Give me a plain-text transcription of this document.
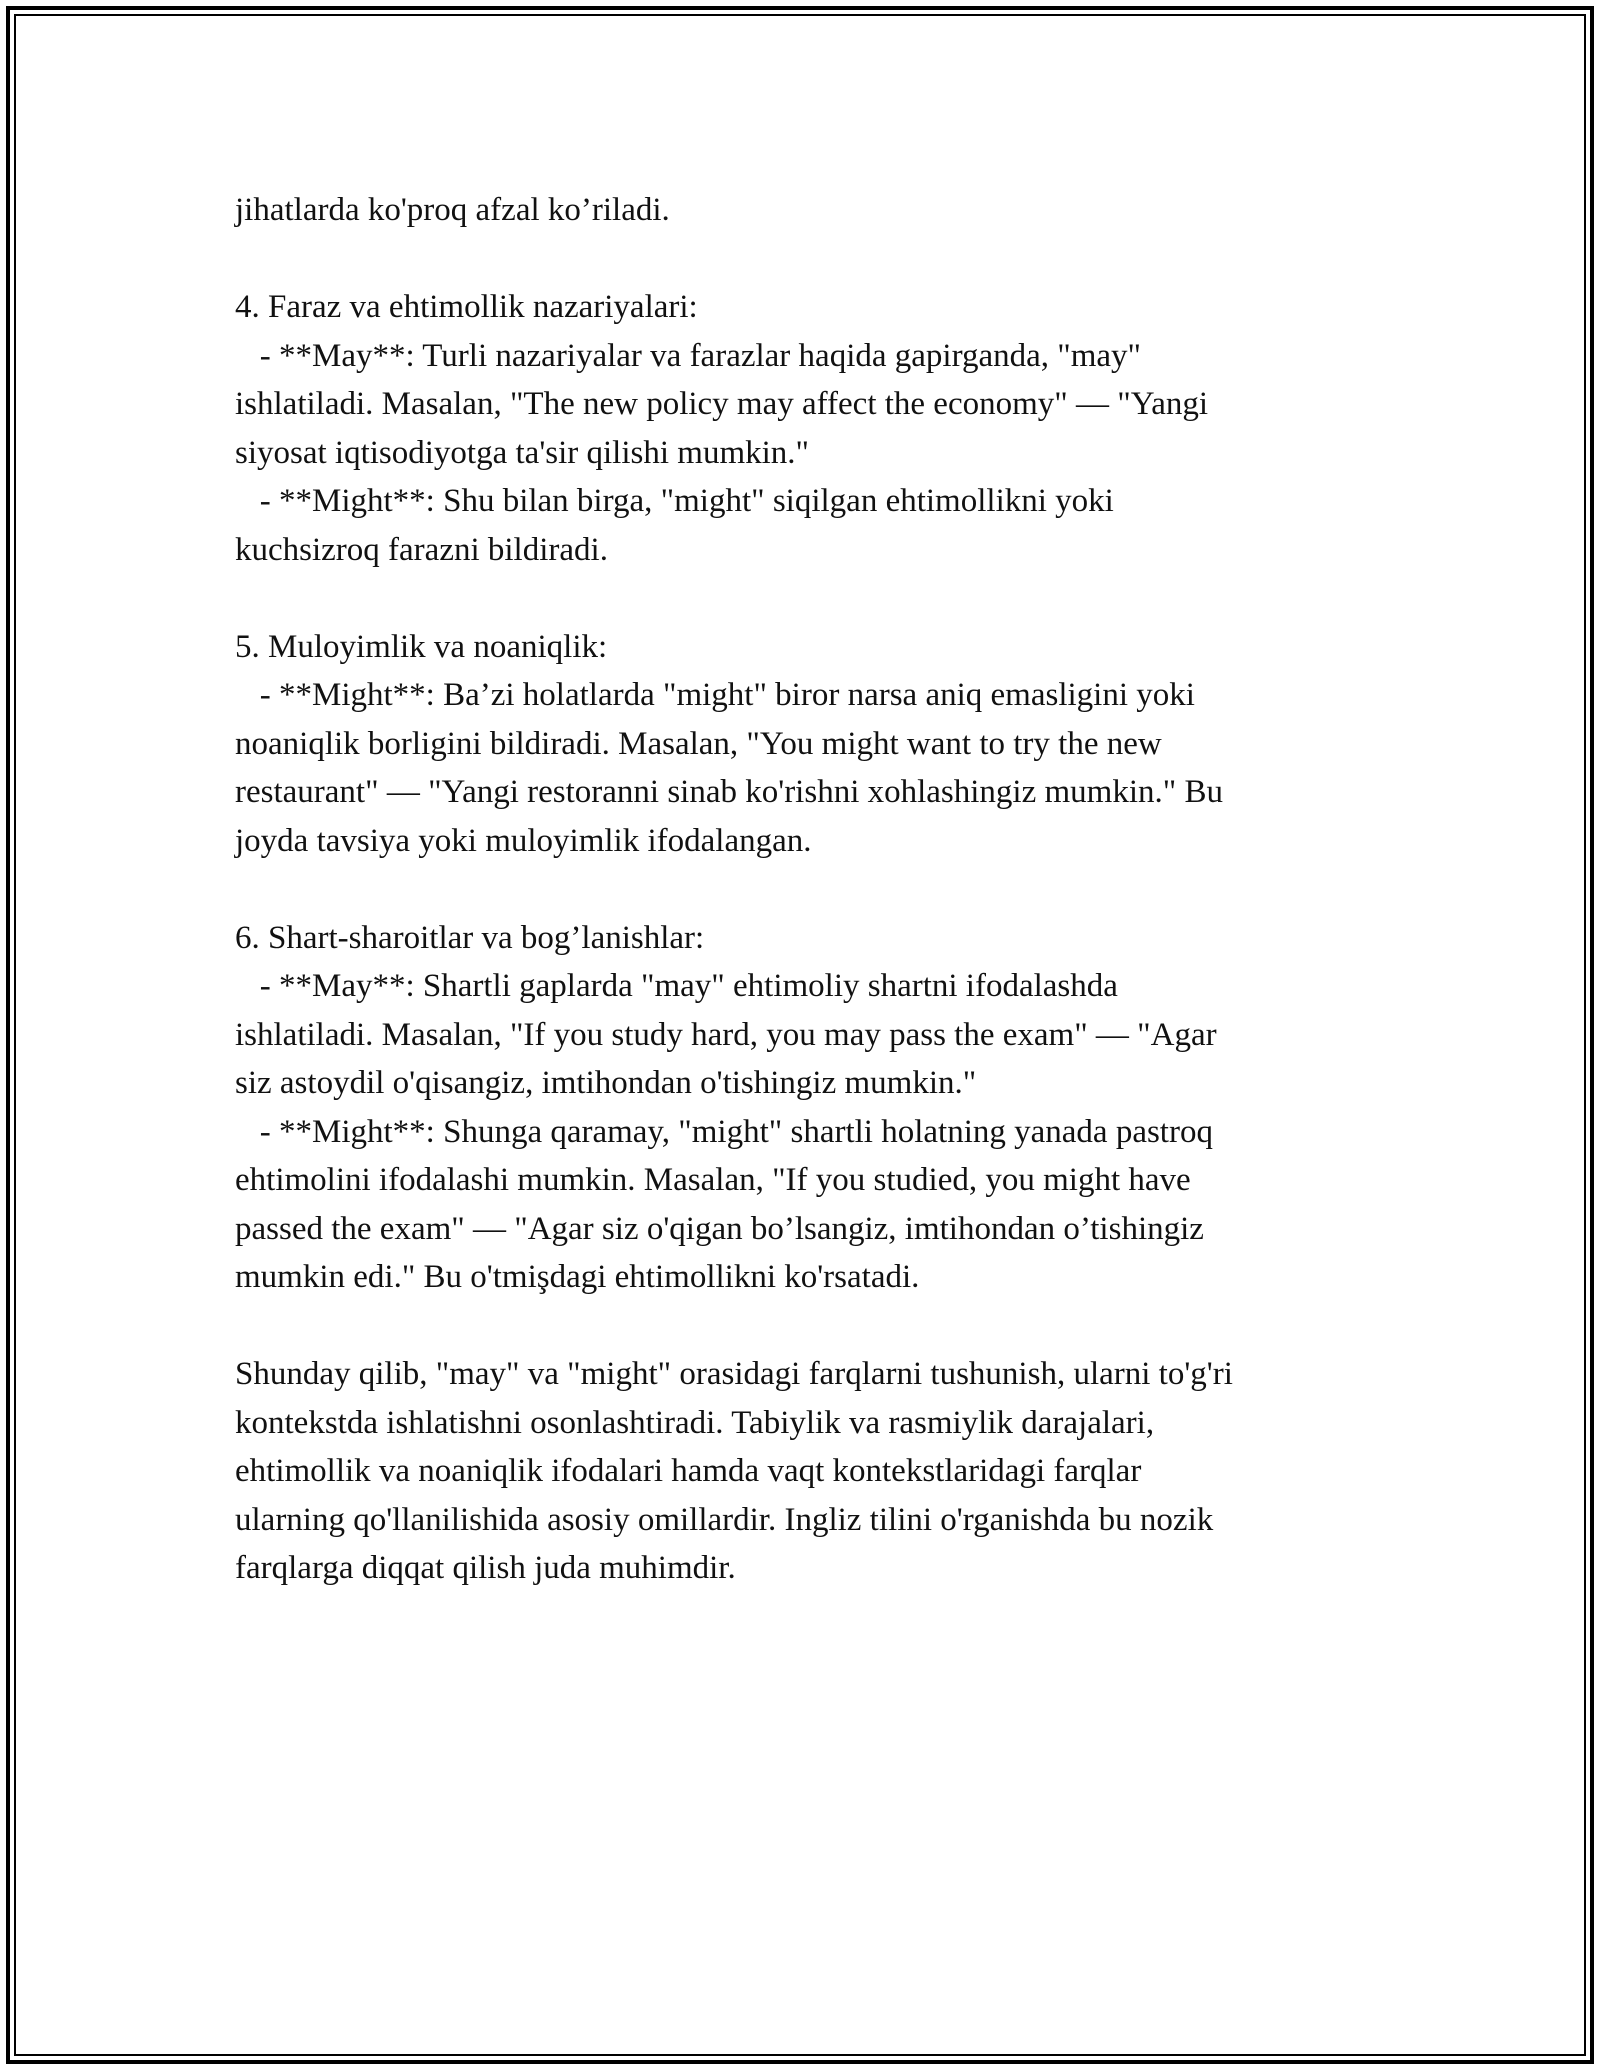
jihatlarda ko'proq afzal ko’riladi.
4. Faraz va ehtimollik nazariyalari:
- **May**: Turli nazariyalar va farazlar haqida gapirganda, "may"
ishlatiladi. Masalan, "The new policy may affect the economy" — "Yangi
siyosat iqtisodiyotga ta'sir qilishi mumkin."
- **Might**: Shu bilan birga, "might" siqilgan ehtimollikni yoki
kuchsizroq farazni bildiradi.
5. Muloyimlik va noaniqlik:
- **Might**: Ba’zi holatlarda "might" biror narsa aniq emasligini yoki
noaniqlik borligini bildiradi. Masalan, "You might want to try the new
restaurant" — "Yangi restoranni sinab ko'rishni xohlashingiz mumkin." Bu
joyda tavsiya yoki muloyimlik ifodalangan.
6. Shart-sharoitlar va bog’lanishlar:
- **May**: Shartli gaplarda "may" ehtimoliy shartni ifodalashda
ishlatiladi. Masalan, "If you study hard, you may pass the exam" — "Agar
siz astoydil o'qisangiz, imtihondan o'tishingiz mumkin."
- **Might**: Shunga qaramay, "might" shartli holatning yanada pastroq
ehtimolini ifodalashi mumkin. Masalan, "If you studied, you might have
passed the exam" — "Agar siz o'qigan bo’lsangiz, imtihondan o’tishingiz
mumkin edi." Bu o'tmişdagi ehtimollikni ko'rsatadi.
Shunday qilib, "may" va "might" orasidagi farqlarni tushunish, ularni to'g'ri
kontekstda ishlatishni osonlashtiradi. Tabiylik va rasmiylik darajalari,
ehtimollik va noaniqlik ifodalari hamda vaqt kontekstlaridagi farqlar
ularning qo'llanilishida asosiy omillardir. Ingliz tilini o'rganishda bu nozik
farqlarga diqqat qilish juda muhimdir.
